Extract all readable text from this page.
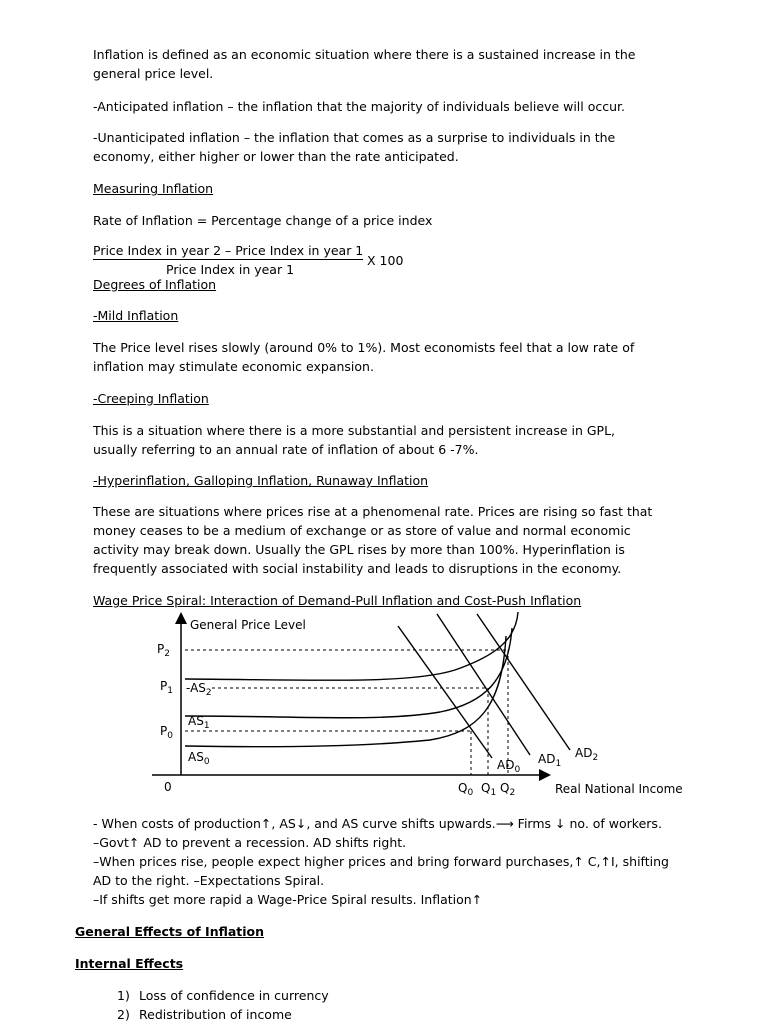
Inflation is defined as an economic situation where there is a sustained increase in the general price level.

-Anticipated inflation – the inflation that the majority of individuals believe will occur.

-Unanticipated inflation – the inflation that comes as a surprise to individuals in the economy, either higher or lower than the rate anticipated.

Measuring Inflation

Rate of Inflation = Percentage change of a price index

Price Index in year 2 – Price Index in year 1

Price Index in year 1

X 100

Degrees of Inflation

-Mild Inflation

The Price level rises slowly (around 0% to 1%). Most economists feel that a low rate of inflation may stimulate economic expansion.

-Creeping Inflation

This is a situation where there is a more substantial and persistent increase in GPL, usually referring to an annual rate of inflation of about 6 -7%.

-Hyperinflation, Galloping Inflation, Runaway Inflation

These are situations where prices rise at a phenomenal rate. Prices are rising so fast that money ceases to be a medium of exchange or as store of value and normal economic activity may break down. Usually the GPL rises by more than 100%. Hyperinflation is frequently associated with social instability and leads to disruptions in the economy.

Wage Price Spiral: Interaction of Demand-Pull Inflation and Cost-Push Inflation

General Price Level
Real National Income
0
$P_2$
$P_1$
$P_0$
$-AS_2$
$AS_1$
$AS_0$	$AD_0$
$AD_1$
$AD_2$
$Q_0$ $Q_1$ $Q_2$
- When costs of production↑, AS↓, and AS curve shifts upwards.⟶ Firms ↓ no. of workers.
–Govt↑ AD to prevent a recession. AD shifts right.
–When prices rise, people expect higher prices and bring forward purchases,↑ C,↑I, shifting

AD to the right. –Expectations Spiral.

–If shifts get more rapid a Wage-Price Spiral results. Inflation↑

General Effects of Inflation

Internal Effects

1) Loss of confidence in currency
2) Redistribution of income
